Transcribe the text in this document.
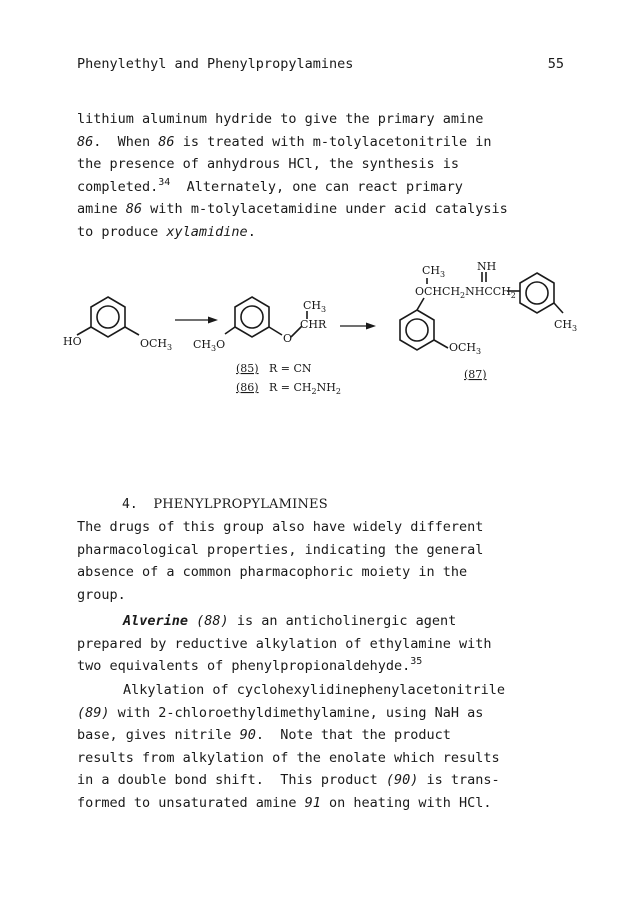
Phenylethyl and Phenylpropylamines	55

lithium aluminum hydride to give the primary amine
86.  When 86 is treated with m-tolylacetonitrile in
the presence of anhydrous HCl, the synthesis is
completed.$^{34}$  Alternately, one can react primary
amine 86 with m-tolylacetamidine under acid catalysis
to produce xylamidine.

HO	$OCH_3$ $CH_3O$	O
$CH_3$
CHR
(85) R = CN
(86) $R = CH_2NH_2$
$CH_3$
NH
$OCHCH_2NHCCH_2$
$OCH_3$
$CH_3$
(87)
4. PHENYLPROPYLAMINES

The drugs of this group also have widely different
pharmacological properties, indicating the general
absence of a common pharmacophoric moiety in the
group.

Alverine (88) is an anticholinergic agent
prepared by reductive alkylation of ethylamine with
two equivalents of phenylpropionaldehyde.$^{35}$

Alkylation of cyclohexylidinephenylacetonitrile
(89) with 2-chloroethyldimethylamine, using NaH as
base, gives nitrile 90.  Note that the product
results from alkylation of the enolate which results
in a double bond shift.  This product (90) is trans-
formed to unsaturated amine 91 on heating with HCl.
